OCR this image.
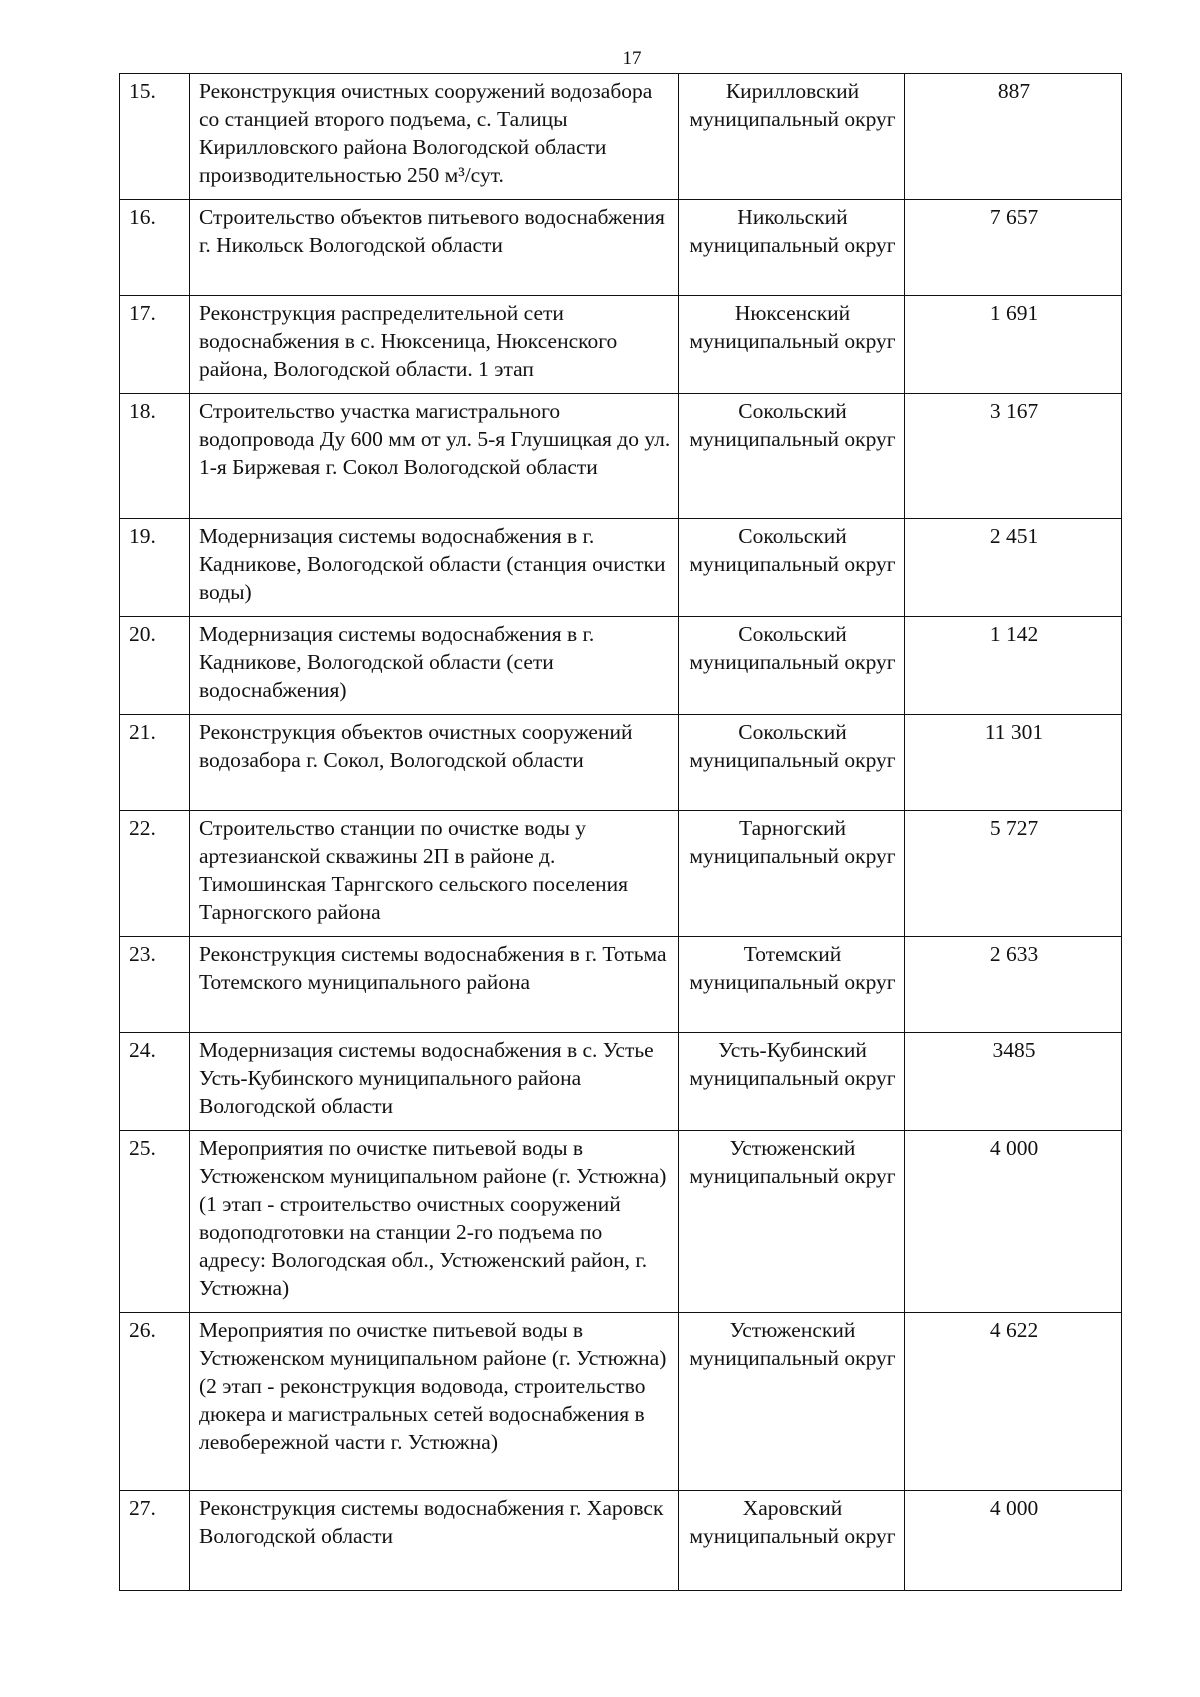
17
15.	Реконструкция очистных сооружений водозабора со станцией второго подъема, с. Талицы Кирилловского района Вологодской области производительностью 250 м³/сут.	Кирилловский муниципальный округ	887
16.	Строительство объектов питьевого водоснабжения г. Никольск Вологодской области	Никольский муниципальный округ	7 657
17.	Реконструкция распределительной сети водоснабжения в с. Нюксеница, Нюксенского района, Вологодской области. 1 этап	Нюксенский муниципальный округ	1 691
18.	Строительство участка магистрального водопровода Ду 600 мм от ул. 5-я Глушицкая до ул. 1-я Биржевая г. Сокол Вологодской области	Сокольский муниципальный округ	3 167
19.	Модернизация системы водоснабжения в г. Кадникове, Вологодской области (станция очистки воды)	Сокольский муниципальный округ	2 451
20.	Модернизация системы водоснабжения в г. Кадникове, Вологодской области (сети водоснабжения)	Сокольский муниципальный округ	1 142
21.	Реконструкция объектов очистных сооружений водозабора г. Сокол, Вологодской области	Сокольский муниципальный округ	11 301
22.	Строительство станции по очистке воды у артезианской скважины 2П в районе д. Тимошинская Тарнгского сельского поселения Тарногского района	Тарногский муниципальный округ	5 727
23.	Реконструкция системы водоснабжения в г. Тотьма Тотемского муниципального района	Тотемский муниципальный округ	2 633
24.	Модернизация системы водоснабжения в с. Устье Усть-Кубинского муниципального района Вологодской области	Усть-Кубинский муниципальный округ	3485
25.	Мероприятия по очистке питьевой воды в Устюженском муниципальном районе (г. Устюжна) (1 этап - строительство очистных сооружений водоподготовки на станции 2-го подъема по адресу: Вологодская обл., Устюженский район, г. Устюжна)	Устюженский муниципальный округ	4 000
26.	Мероприятия по очистке питьевой воды в Устюженском муниципальном районе (г. Устюжна) (2 этап - реконструкция водовода, строительство дюкера и магистральных сетей водоснабжения в левобережной части г. Устюжна)	Устюженский муниципальный округ	4 622
27.	Реконструкция системы водоснабжения г. Харовск Вологодской области	Харовский муниципальный округ	4 000
